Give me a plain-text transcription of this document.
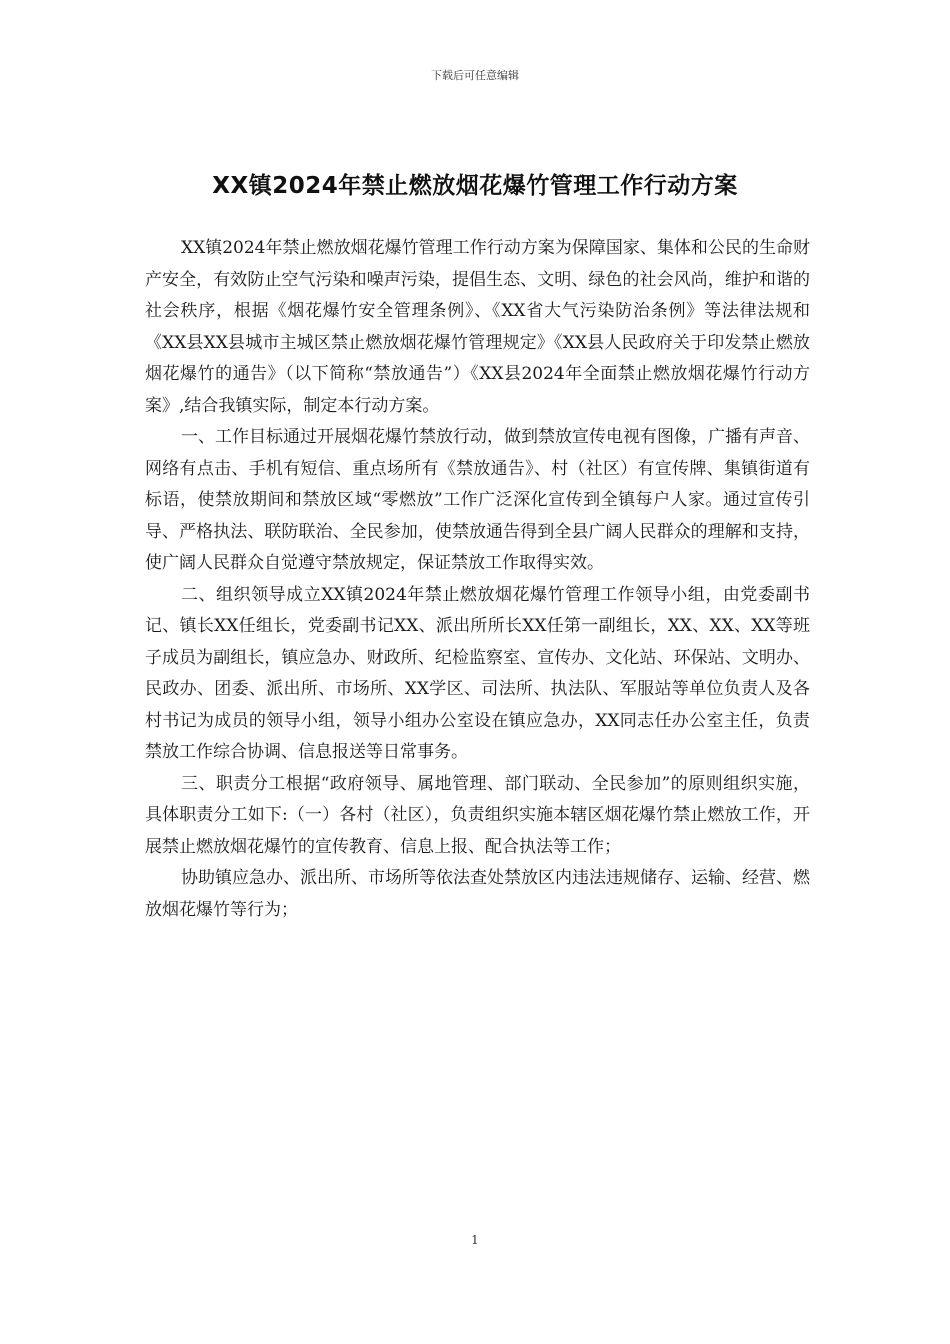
下载后可任意编辑
XX镇2024年禁止燃放烟花爆竹管理工作行动方案

XX镇2024年禁止燃放烟花爆竹管理工作行动方案为保障国家、集体和公民的生命财产安全，有效防止空气污染和噪声污染，提倡生态、文明、绿色的社会风尚，维护和谐的社会秩序，根据《烟花爆竹安全管理条例》、《XX省大气污染防治条例》等法律法规和《XX县XX县城市主城区禁止燃放烟花爆竹管理规定》《XX县人民政府关于印发禁止燃放烟花爆竹的通告》（以下简称“禁放通告”）《XX县2024年全面禁止燃放烟花爆竹行动方案》,结合我镇实际，制定本行动方案。

一、工作目标通过开展烟花爆竹禁放行动，做到禁放宣传电视有图像，广播有声音、网络有点击、手机有短信、重点场所有《禁放通告》、村（社区）有宣传牌、集镇街道有标语，使禁放期间和禁放区域“零燃放”工作广泛深化宣传到全镇每户人家。通过宣传引导、严格执法、联防联治、全民参加，使禁放通告得到全县广阔人民群众的理解和支持，使广阔人民群众自觉遵守禁放规定，保证禁放工作取得实效。

二、组织领导成立XX镇2024年禁止燃放烟花爆竹管理工作领导小组，由党委副书记、镇长XX任组长，党委副书记XX、派出所所长XX任第一副组长，XX、XX、XX等班子成员为副组长，镇应急办、财政所、纪检监察室、宣传办、文化站、环保站、文明办、民政办、团委、派出所、市场所、XX学区、司法所、执法队、军服站等单位负责人及各村书记为成员的领导小组，领导小组办公室设在镇应急办，XX同志任办公室主任，负责禁放工作综合协调、信息报送等日常事务。

三、职责分工根据“政府领导、属地管理、部门联动、全民参加”的原则组织实施，具体职责分工如下:（一）各村（社区），负责组织实施本辖区烟花爆竹禁止燃放工作，开展禁止燃放烟花爆竹的宣传教育、信息上报、配合执法等工作；

协助镇应急办、派出所、市场所等依法查处禁放区内违法违规储存、运输、经营、燃放烟花爆竹等行为；

1
